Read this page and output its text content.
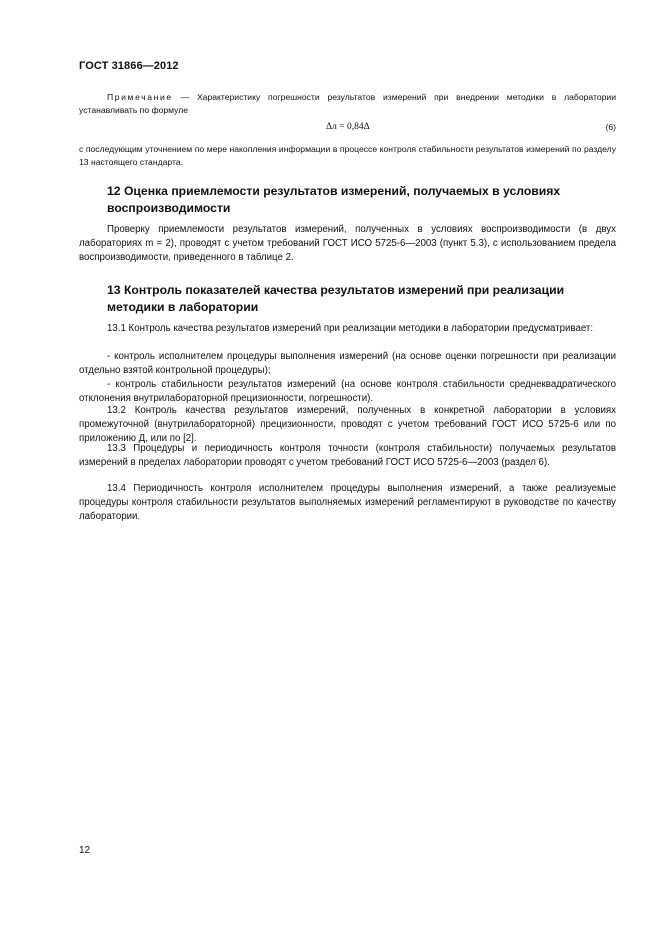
ГОСТ 31866—2012

Примечание — Характеристику погрешности результатов измерений при внедрении методики в лаборатории устанавливать по формуле

Δл = 0,84Δ	(6)

с последующим уточнением по мере накопления информации в процессе контроля стабильности результатов измерений по разделу 13 настоящего стандарта.

12 Оценка приемлемости результатов измерений, получаемых в условиях воспроизводимости

Проверку приемлемости результатов измерений, полученных в условиях воспроизводимости (в двух лабораториях m = 2), проводят с учетом требований ГОСТ ИСО 5725-6—2003 (пункт 5.3), с использованием предела воспроизводимости, приведенного в таблице 2.

13 Контроль показателей качества результатов измерений при реализации методики в лаборатории

13.1 Контроль качества результатов измерений при реализации методики в лаборатории предусматривает:

- контроль исполнителем процедуры выполнения измерений (на основе оценки погрешности при реализации отдельно взятой контрольной процедуры);

- контроль стабильности результатов измерений (на основе контроля стабильности среднеквадратического отклонения внутрилабораторной прецизионности, погрешности).

13.2 Контроль качества результатов измерений, полученных в конкретной лаборатории в условиях промежуточной (внутрилабораторной) прецизионности, проводят с учетом требований ГОСТ ИСО 5725-6 или по приложению Д, или по [2].

13.3 Процедуры и периодичность контроля точности (контроля стабильности) получаемых результатов измерений в пределах лаборатории проводят с учетом требований ГОСТ ИСО 5725-6—2003 (раздел 6).

13.4 Периодичность контроля исполнителем процедуры выполнения измерений, а также реализуемые процедуры контроля стабильности результатов выполняемых измерений регламентируют в руководстве по качеству лаборатории.

12
